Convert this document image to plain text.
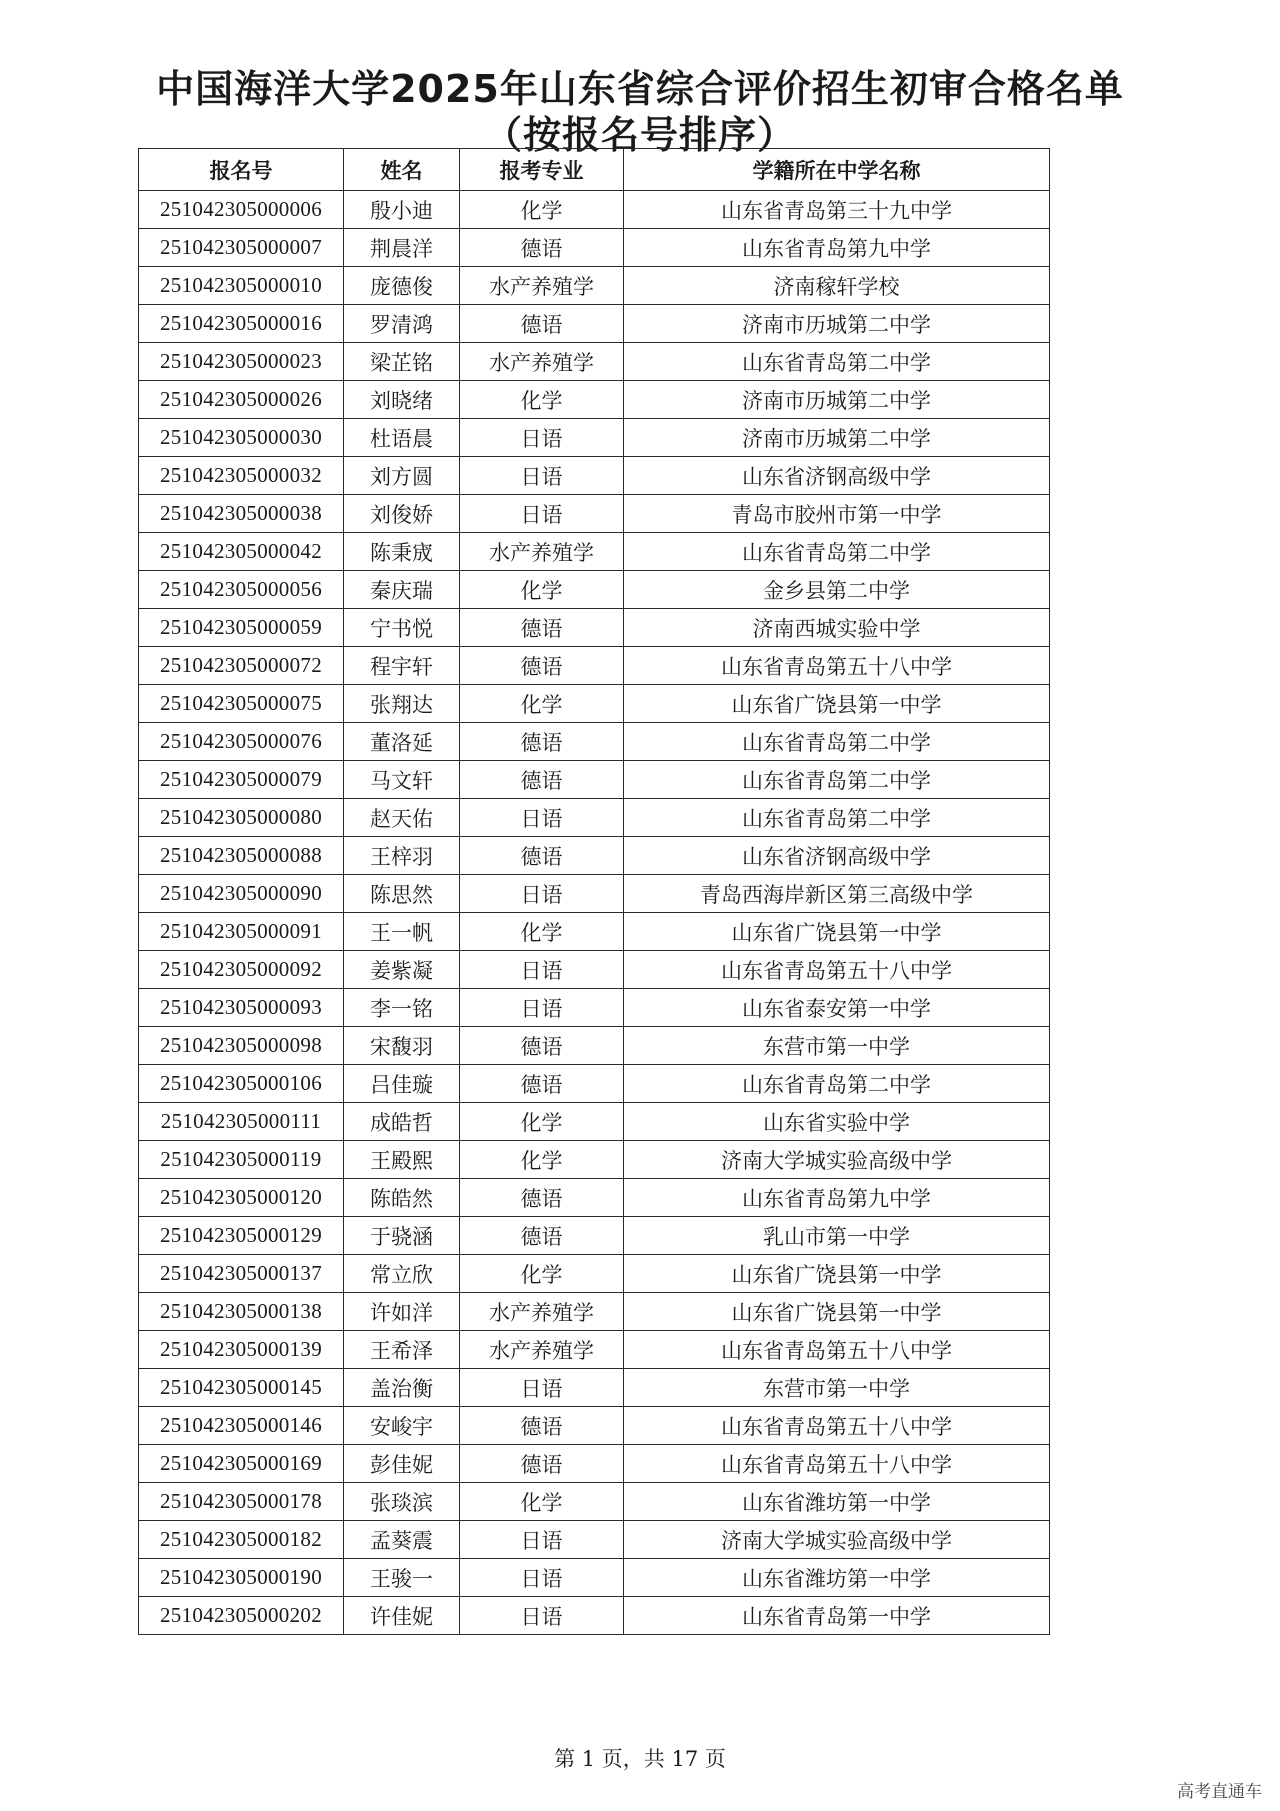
中国海洋大学2025年山东省综合评价招生初审合格名单
（按报名号排序）
报名号	姓名	报考专业	学籍所在中学名称
251042305000006	殷小迪	化学	山东省青岛第三十九中学
251042305000007	荆晨洋	德语	山东省青岛第九中学
251042305000010	庞德俊	水产养殖学	济南稼轩学校
251042305000016	罗清鸿	德语	济南市历城第二中学
251042305000023	梁芷铭	水产养殖学	山东省青岛第二中学
251042305000026	刘晓绪	化学	济南市历城第二中学
251042305000030	杜语晨	日语	济南市历城第二中学
251042305000032	刘方圆	日语	山东省济钢高级中学
251042305000038	刘俊娇	日语	青岛市胶州市第一中学
251042305000042	陈秉宬	水产养殖学	山东省青岛第二中学
251042305000056	秦庆瑞	化学	金乡县第二中学
251042305000059	宁书悦	德语	济南西城实验中学
251042305000072	程宇轩	德语	山东省青岛第五十八中学
251042305000075	张翔达	化学	山东省广饶县第一中学
251042305000076	董洛延	德语	山东省青岛第二中学
251042305000079	马文轩	德语	山东省青岛第二中学
251042305000080	赵天佑	日语	山东省青岛第二中学
251042305000088	王梓羽	德语	山东省济钢高级中学
251042305000090	陈思然	日语	青岛西海岸新区第三高级中学
251042305000091	王一帆	化学	山东省广饶县第一中学
251042305000092	姜紫凝	日语	山东省青岛第五十八中学
251042305000093	李一铭	日语	山东省泰安第一中学
251042305000098	宋馥羽	德语	东营市第一中学
251042305000106	吕佳璇	德语	山东省青岛第二中学
251042305000111	成皓哲	化学	山东省实验中学
251042305000119	王殿熙	化学	济南大学城实验高级中学
251042305000120	陈皓然	德语	山东省青岛第九中学
251042305000129	于骁涵	德语	乳山市第一中学
251042305000137	常立欣	化学	山东省广饶县第一中学
251042305000138	许如洋	水产养殖学	山东省广饶县第一中学
251042305000139	王希泽	水产养殖学	山东省青岛第五十八中学
251042305000145	盖治衡	日语	东营市第一中学
251042305000146	安峻宇	德语	山东省青岛第五十八中学
251042305000169	彭佳妮	德语	山东省青岛第五十八中学
251042305000178	张琰滨	化学	山东省潍坊第一中学
251042305000182	孟葵震	日语	济南大学城实验高级中学
251042305000190	王骏一	日语	山东省潍坊第一中学
251042305000202	许佳妮	日语	山东省青岛第一中学
第 1 页，共 17 页
高考直通车
